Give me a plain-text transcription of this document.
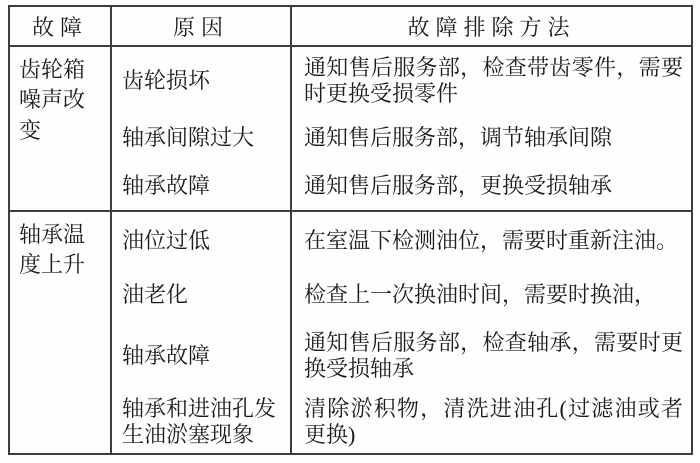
故障	原因	故障排除方法
齿轮箱噪声改变	齿轮损坏	通知售后服务部，检查带齿零件，需要时更换受损零件
	轴承间隙过大	通知售后服务部，调节轴承间隙
	轴承故障	通知售后服务部，更换受损轴承
轴承温度上升	油位过低	在室温下检测油位，需要时重新注油。
	油老化	检查上一次换油时间，需要时换油，
	轴承故障	通知售后服务部，检查轴承，需要时更换受损轴承
	轴承和进油孔发生油淤塞现象	清除淤积物，清洗进油孔(过滤油或者更换)
